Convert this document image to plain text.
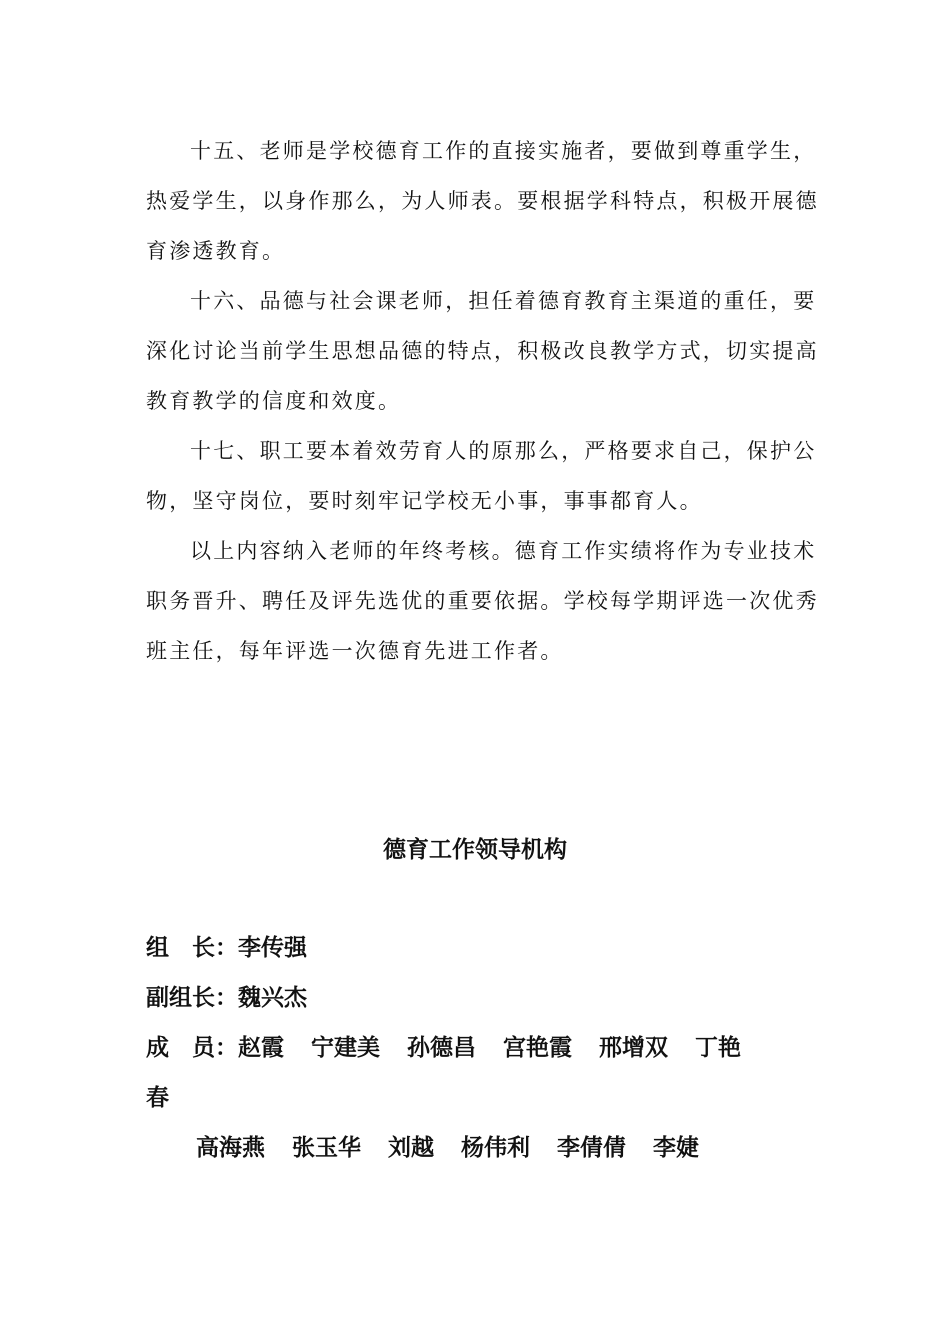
十五、老师是学校德育工作的直接实施者，要做到尊重学生，
热爱学生，以身作那么，为人师表。要根据学科特点，积极开展德
育渗透教育。

十六、品德与社会课老师，担任着德育教育主渠道的重任，要
深化讨论当前学生思想品德的特点，积极改良教学方式，切实提高
教育教学的信度和效度。

十七、职工要本着效劳育人的原那么，严格要求自己，保护公
物，坚守岗位，要时刻牢记学校无小事，事事都育人。

以上内容纳入老师的年终考核。德育工作实绩将作为专业技术
职务晋升、聘任及评先选优的重要依据。学校每学期评选一次优秀
班主任，每年评选一次德育先进工作者。

德育工作领导机构
组　长：李传强
副组长：魏兴杰
成　员：赵霞 宁建美 孙德昌 宫艳霞 邢增双 丁艳
春
高海燕 张玉华 刘越 杨伟利 李倩倩 李婕
